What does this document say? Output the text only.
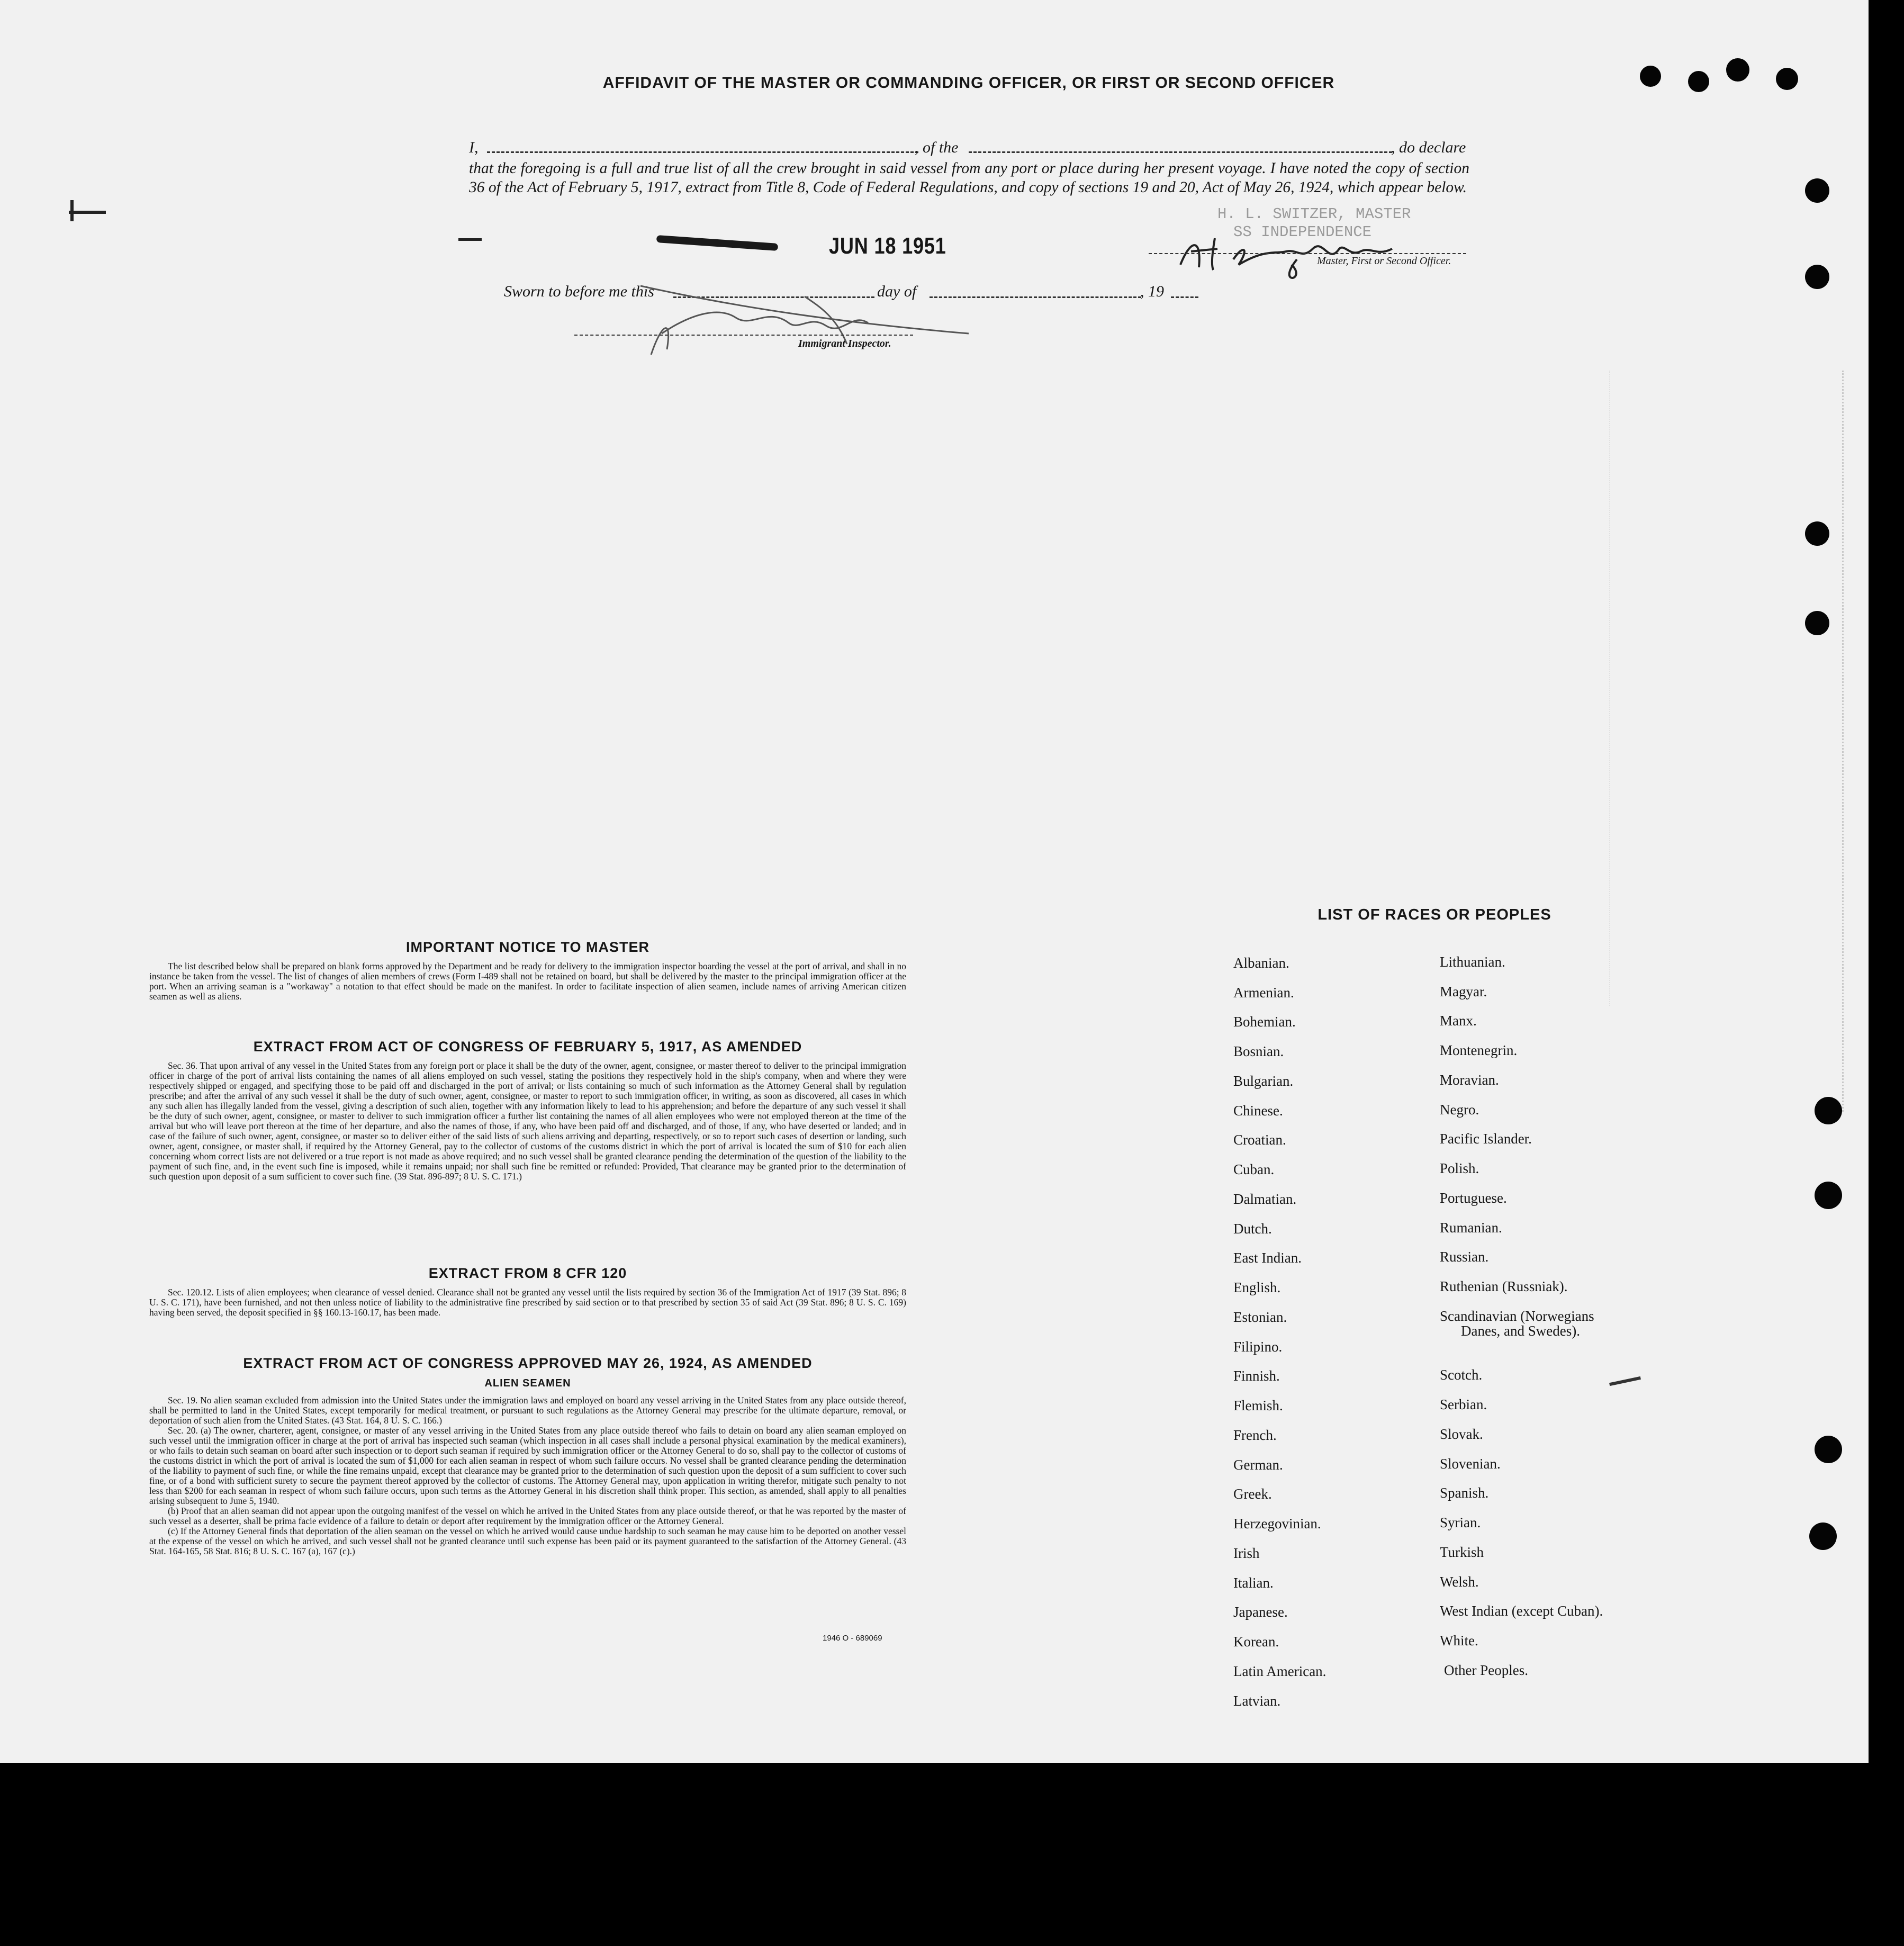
AFFIDAVIT OF THE MASTER OR COMMANDING OFFICER, OR FIRST OR SECOND OFFICER
I,	, of the	, do declare
that the foregoing is a full and true list of all the crew brought in said vessel from any port or place during her present voyage. I have noted the copy of section 36 of the Act of February 5, 1917, extract from Title 8, Code of Federal Regulations, and copy of sections 19 and 20, Act of May 26, 1924, which appear below.
JUN 18 1951
H. L. SWITZER, MASTER
SS INDEPENDENCE
Master, First or Second Officer.
Sworn to before me this	day of	, 19
Immigrant Inspector.
IMPORTANT NOTICE TO MASTER
The list described below shall be prepared on blank forms approved by the Department and be ready for delivery to the immigration inspector boarding the vessel at the port of arrival, and shall in no instance be taken from the vessel. The list of changes of alien members of crews (Form I-489 shall not be retained on board, but shall be delivered by the master to the principal immigration officer at the port. When an arriving seaman is a "workaway" a notation to that effect should be made on the manifest. In order to facilitate inspection of alien seamen, include names of arriving American citizen seamen as well as aliens.
EXTRACT FROM ACT OF CONGRESS OF FEBRUARY 5, 1917, AS AMENDED
Sec. 36. That upon arrival of any vessel in the United States from any foreign port or place it shall be the duty of the owner, agent, consignee, or master thereof to deliver to the principal immigration officer in charge of the port of arrival lists containing the names of all aliens employed on such vessel, stating the positions they respectively hold in the ship's company, when and where they were respectively shipped or engaged, and specifying those to be paid off and discharged in the port of arrival; or lists containing so much of such information as the Attorney General shall by regulation prescribe; and after the arrival of any such vessel it shall be the duty of such owner, agent, consignee, or master to report to such immigration officer, in writing, as soon as discovered, all cases in which any such alien has illegally landed from the vessel, giving a description of such alien, together with any information likely to lead to his apprehension; and before the departure of any such vessel it shall be the duty of such owner, agent, consignee, or master to deliver to such immigration officer a further list containing the names of all alien employees who were not employed thereon at the time of the arrival but who will leave port thereon at the time of her departure, and also the names of those, if any, who have been paid off and discharged, and of those, if any, who have deserted or landed; and in case of the failure of such owner, agent, consignee, or master so to deliver either of the said lists of such aliens arriving and departing, respectively, or so to report such cases of desertion or landing, such owner, agent, consignee, or master shall, if required by the Attorney General, pay to the collector of customs of the customs district in which the port of arrival is located the sum of $10 for each alien concerning whom correct lists are not delivered or a true report is not made as above required; and no such vessel shall be granted clearance pending the determination of the question of the liability to the payment of such fine, and, in the event such fine is imposed, while it remains unpaid; nor shall such fine be remitted or refunded: Provided, That clearance may be granted prior to the determination of such question upon deposit of a sum sufficient to cover such fine. (39 Stat. 896-897; 8 U. S. C. 171.)
EXTRACT FROM 8 CFR 120
Sec. 120.12. Lists of alien employees; when clearance of vessel denied. Clearance shall not be granted any vessel until the lists required by section 36 of the Immigration Act of 1917 (39 Stat. 896; 8 U. S. C. 171), have been furnished, and not then unless notice of liability to the administrative fine prescribed by said section or to that prescribed by section 35 of said Act (39 Stat. 896; 8 U. S. C. 169) having been served, the deposit specified in §§ 160.13-160.17, has been made.
EXTRACT FROM ACT OF CONGRESS APPROVED MAY 26, 1924, AS AMENDED
ALIEN SEAMEN

Sec. 19. No alien seaman excluded from admission into the United States under the immigration laws and employed on board any vessel arriving in the United States from any place outside thereof, shall be permitted to land in the United States, except temporarily for medical treatment, or pursuant to such regulations as the Attorney General may prescribe for the ultimate departure, removal, or deportation of such alien from the United States. (43 Stat. 164, 8 U. S. C. 166.)

Sec. 20. (a) The owner, charterer, agent, consignee, or master of any vessel arriving in the United States from any place outside thereof who fails to detain on board any alien seaman employed on such vessel until the immigration officer in charge at the port of arrival has inspected such seaman (which inspection in all cases shall include a personal physical examination by the medical examiners), or who fails to detain such seaman on board after such inspection or to deport such seaman if required by such immigration officer or the Attorney General to do so, shall pay to the collector of customs of the customs district in which the port of arrival is located the sum of $1,000 for each alien seaman in respect of whom such failure occurs. No vessel shall be granted clearance pending the determination of the liability to payment of such fine, or while the fine remains unpaid, except that clearance may be granted prior to the determination of such question upon the deposit of a sum sufficient to cover such fine, or of a bond with sufficient surety to secure the payment thereof approved by the collector of customs. The Attorney General may, upon application in writing therefor, mitigate such penalty to not less than $200 for each seaman in respect of whom such failure occurs, upon such terms as the Attorney General in his discretion shall think proper. This section, as amended, shall apply to all penalties arising subsequent to June 5, 1940.

(b) Proof that an alien seaman did not appear upon the outgoing manifest of the vessel on which he arrived in the United States from any place outside thereof, or that he was reported by the master of such vessel as a deserter, shall be prima facie evidence of a failure to detain or deport after requirement by the immigration officer or the Attorney General.

(c) If the Attorney General finds that deportation of the alien seaman on the vessel on which he arrived would cause undue hardship to such seaman he may cause him to be deported on another vessel at the expense of the vessel on which he arrived, and such vessel shall not be granted clearance until such expense has been paid or its payment guaranteed to the satisfaction of the Attorney General. (43 Stat. 164-165, 58 Stat. 816; 8 U. S. C. 167 (a), 167 (c).)

1946 O - 689069
LIST OF RACES OR PEOPLES
Albanian.
Armenian.
Bohemian.
Bosnian.
Bulgarian.
Chinese.
Croatian.
Cuban.
Dalmatian.
Dutch.
East Indian.
English.
Estonian.
Filipino.
Finnish.
Flemish.
French.
German.
Greek.
Herzegovinian.
Irish
Italian.
Japanese.
Korean.
Latin American.
Latvian.
Lithuanian.
Magyar.
Manx.
Montenegrin.
Moravian.
Negro.
Pacific Islander.
Polish.
Portuguese.
Rumanian.
Russian.
Ruthenian (Russniak).
Scandinavian (Norwegians
Danes, and Swedes).
Scotch.
Serbian.
Slovak.
Slovenian.
Spanish.
Syrian.
Turkish
Welsh.
West Indian (except Cuban).
White.
Other Peoples.
